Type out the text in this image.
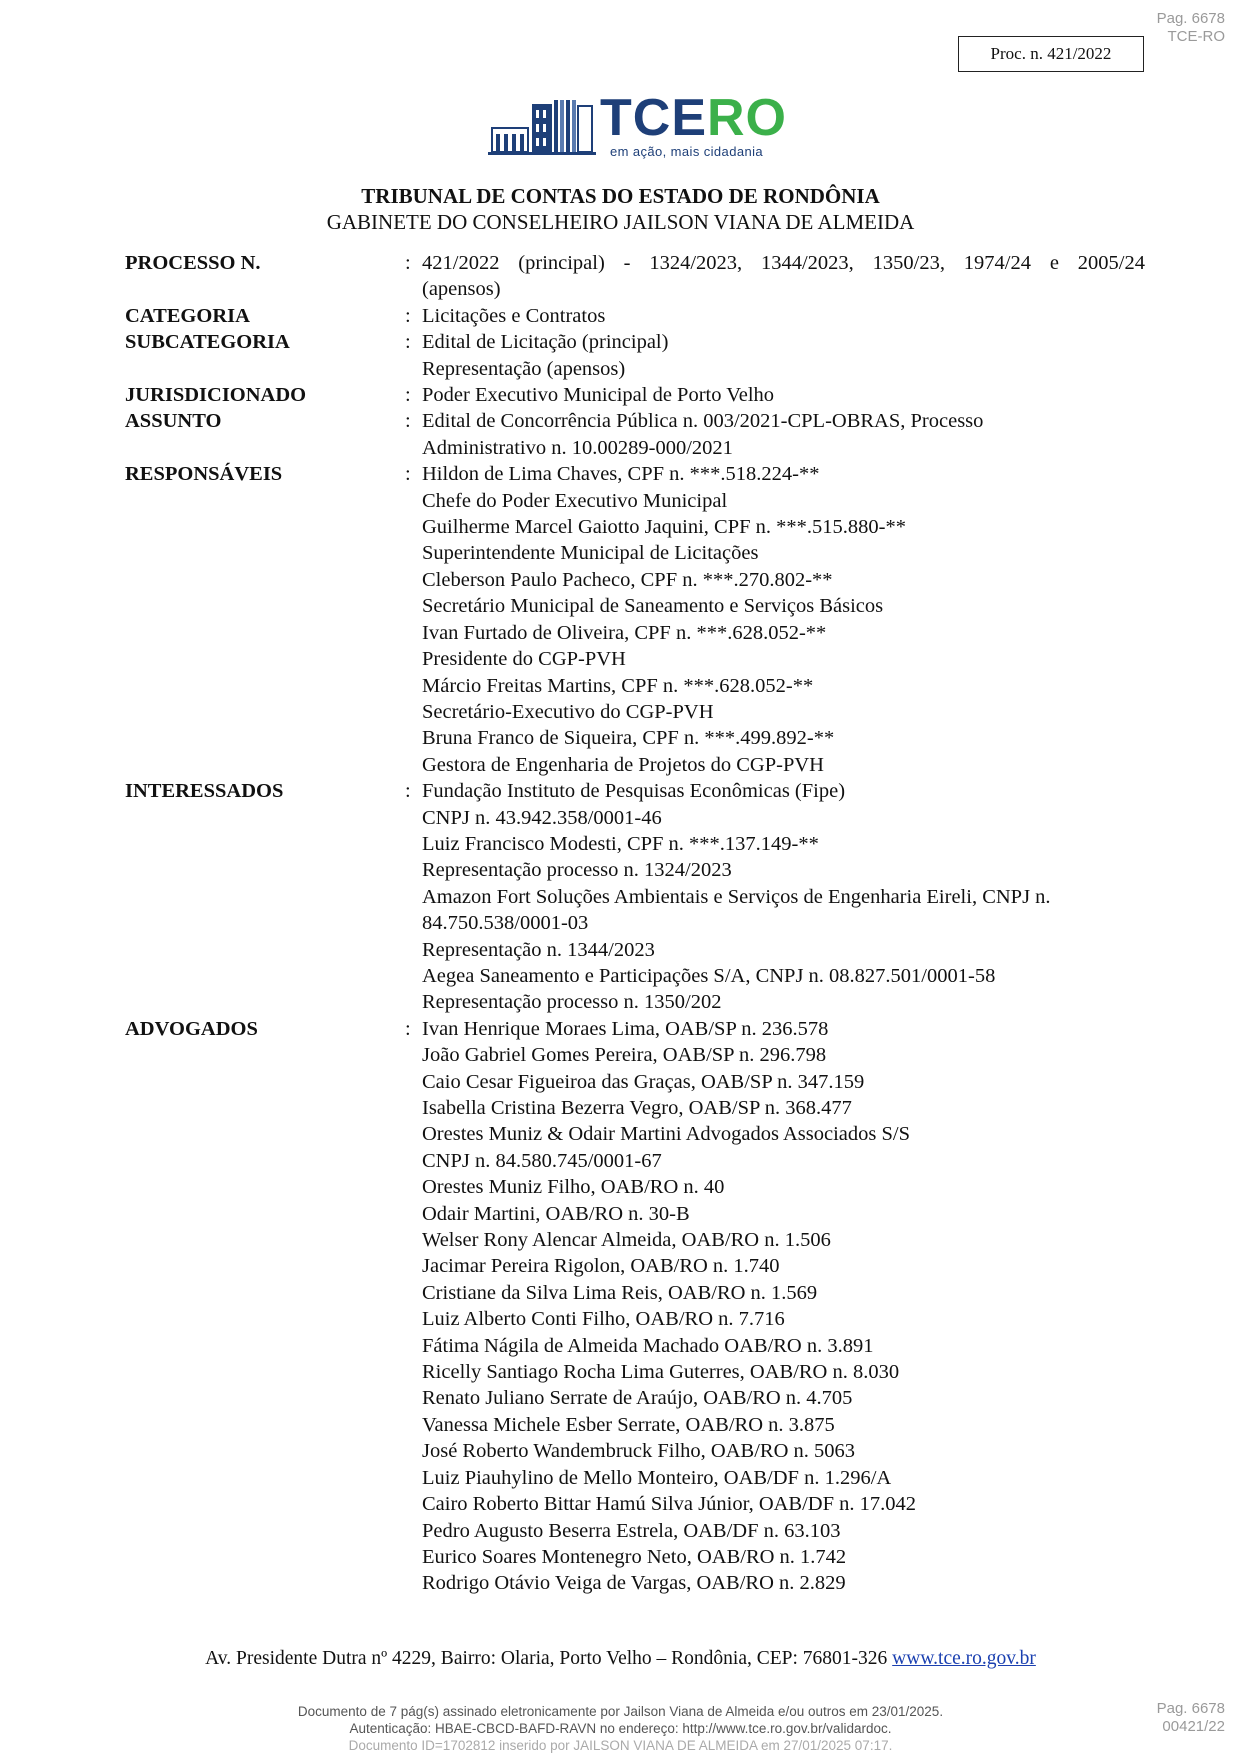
Pag. 6678
TCE-RO
Proc. n. 421/2022
TCERO
em ação, mais cidadania
TRIBUNAL DE CONTAS DO ESTADO DE RONDÔNIA
GABINETE DO CONSELHEIRO JAILSON VIANA DE ALMEIDA
PROCESSO N.	: 421/2022 (principal) - 1324/2023, 1344/2023, 1350/23, 1974/24 e 2005/24

(apensos)

CATEGORIA	: Licitações e Contratos

SUBCATEGORIA	: Edital de Licitação (principal)

Representação (apensos)

JURISDICIONADO	: Poder Executivo Municipal de Porto Velho

ASSUNTO	: Edital de Concorrência Pública n. 003/2021-CPL-OBRAS, Processo

Administrativo n. 10.00289-000/2021

RESPONSÁVEIS	: Hildon de Lima Chaves, CPF n. ***.518.224-**

Chefe do Poder Executivo Municipal

Guilherme Marcel Gaiotto Jaquini, CPF n. ***.515.880-**

Superintendente Municipal de Licitações

Cleberson Paulo Pacheco, CPF n. ***.270.802-**

Secretário Municipal de Saneamento e Serviços Básicos

Ivan Furtado de Oliveira, CPF n. ***.628.052-**

Presidente do CGP-PVH

Márcio Freitas Martins, CPF n. ***.628.052-**

Secretário-Executivo do CGP-PVH

Bruna Franco de Siqueira, CPF n. ***.499.892-**

Gestora de Engenharia de Projetos do CGP-PVH

INTERESSADOS	: Fundação Instituto de Pesquisas Econômicas (Fipe)

CNPJ n. 43.942.358/0001-46

Luiz Francisco Modesti, CPF n. ***.137.149-**

Representação processo n. 1324/2023

Amazon Fort Soluções Ambientais e Serviços de Engenharia Eireli, CNPJ n.

84.750.538/0001-03

Representação n. 1344/2023

Aegea Saneamento e Participações S/A, CNPJ n. 08.827.501/0001-58

Representação processo n. 1350/202

ADVOGADOS	: Ivan Henrique Moraes Lima, OAB/SP n. 236.578

João Gabriel Gomes Pereira, OAB/SP n. 296.798

Caio Cesar Figueiroa das Graças, OAB/SP n. 347.159

Isabella Cristina Bezerra Vegro, OAB/SP n. 368.477

Orestes Muniz & Odair Martini Advogados Associados S/S

CNPJ n. 84.580.745/0001-67

Orestes Muniz Filho, OAB/RO n. 40

Odair Martini, OAB/RO n. 30-B

Welser Rony Alencar Almeida, OAB/RO n. 1.506

Jacimar Pereira Rigolon, OAB/RO n. 1.740

Cristiane da Silva Lima Reis, OAB/RO n. 1.569

Luiz Alberto Conti Filho, OAB/RO n. 7.716

Fátima Nágila de Almeida Machado OAB/RO n. 3.891

Ricelly Santiago Rocha Lima Guterres, OAB/RO n. 8.030

Renato Juliano Serrate de Araújo, OAB/RO n. 4.705

Vanessa Michele Esber Serrate, OAB/RO n. 3.875

José Roberto Wandembruck Filho, OAB/RO n. 5063

Luiz Piauhylino de Mello Monteiro, OAB/DF n. 1.296/A

Cairo Roberto Bittar Hamú Silva Júnior, OAB/DF n. 17.042

Pedro Augusto Beserra Estrela, OAB/DF n. 63.103

Eurico Soares Montenegro Neto, OAB/RO n. 1.742

Rodrigo Otávio Veiga de Vargas, OAB/RO n. 2.829

Av. Presidente Dutra nº 4229, Bairro: Olaria, Porto Velho – Rondônia, CEP: 76801-326 www.tce.ro.gov.br
Documento de 7 pág(s) assinado eletronicamente por Jailson Viana de Almeida e/ou outros em 23/01/2025.
Autenticação: HBAE-CBCD-BAFD-RAVN no endereço: http://www.tce.ro.gov.br/validardoc.
Documento ID=1702812 inserido por JAILSON VIANA DE ALMEIDA em 27/01/2025 07:17.
Pag. 6678
00421/22
